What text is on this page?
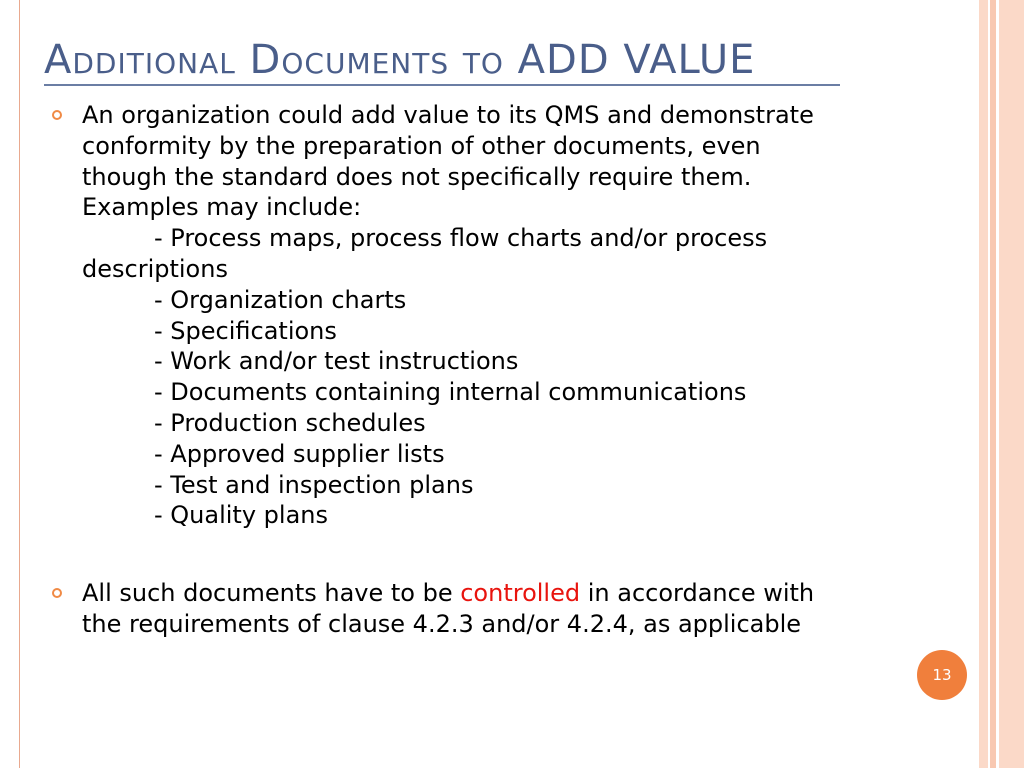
Additional Documents to ADD VALUE
An organization could add value to its QMS and demonstrate
conformity by the preparation of other documents, even
though the standard does not specifically require them.
Examples may include:
- Process maps, process flow charts and/or process
descriptions
- Organization charts
- Specifications
- Work and/or test instructions
- Documents containing internal communications
- Production schedules
- Approved supplier lists
- Test and inspection plans
- Quality plans
All such documents have to be controlled in accordance with
the requirements of clause 4.2.3 and/or 4.2.4, as applicable
13
